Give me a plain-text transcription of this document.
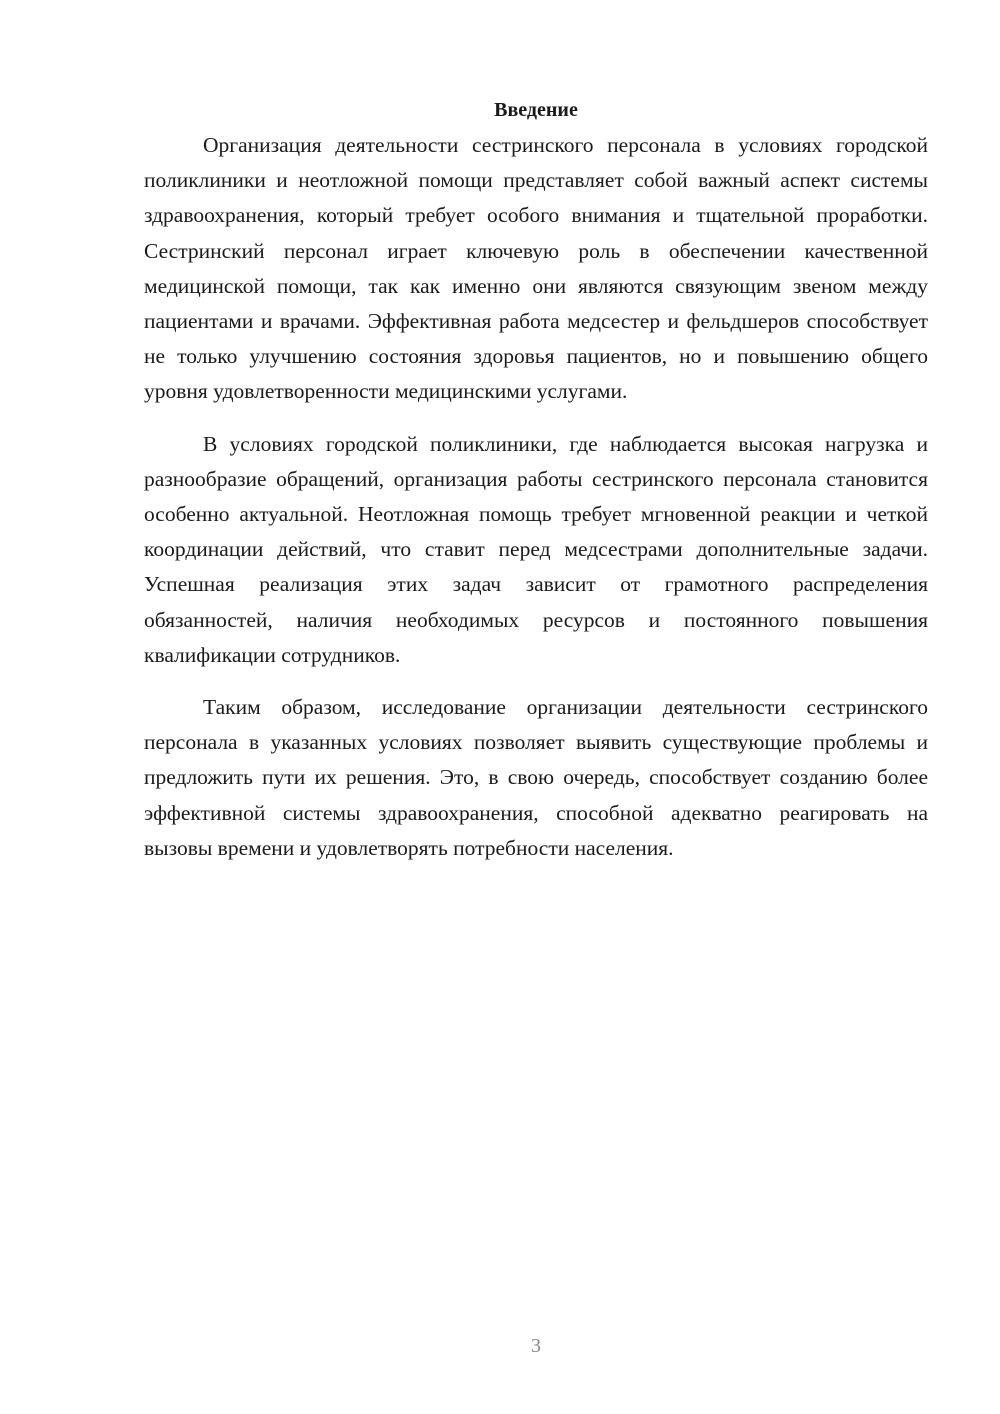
Введение

Организация деятельности сестринского персонала в условиях городской поликлиники и неотложной помощи представляет собой важный аспект системы здравоохранения, который требует особого внимания и тщательной проработки. Сестринский персонал играет ключевую роль в обеспечении качественной медицинской помощи, так как именно они являются связующим звеном между пациентами и врачами. Эффективная работа медсестер и фельдшеров способствует не только улучшению состояния здоровья пациентов, но и повышению общего уровня удовлетворенности медицинскими услугами.

В условиях городской поликлиники, где наблюдается высокая нагрузка и разнообразие обращений, организация работы сестринского персонала становится особенно актуальной. Неотложная помощь требует мгновенной реакции и четкой координации действий, что ставит перед медсестрами дополнительные задачи. Успешная реализация этих задач зависит от грамотного распределения обязанностей, наличия необходимых ресурсов и постоянного повышения квалификации сотрудников.

Таким образом, исследование организации деятельности сестринского персонала в указанных условиях позволяет выявить существующие проблемы и предложить пути их решения. Это, в свою очередь, способствует созданию более эффективной системы здравоохранения, способной адекватно реагировать на вызовы времени и удовлетворять потребности населения.

3
